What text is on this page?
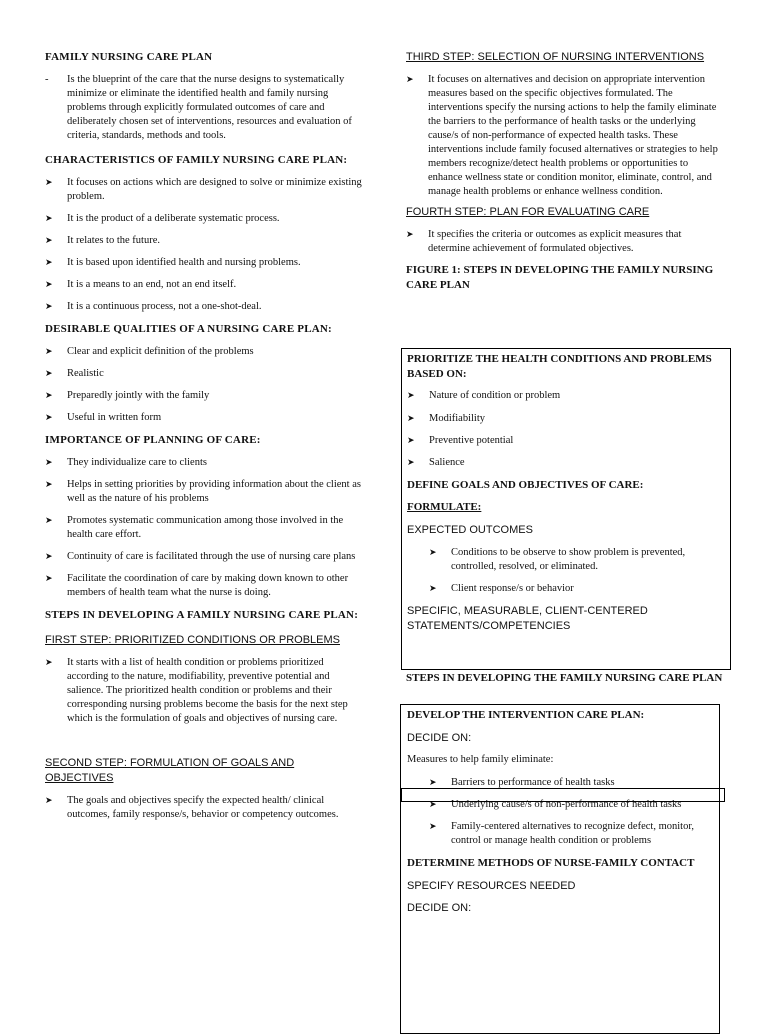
FAMILY NURSING CARE PLAN

- Is the blueprint of the care that the nurse designs to systematically minimize or eliminate the identified health and family nursing problems through explicitly formulated outcomes of care and deliberately chosen set of interventions, resources and evaluation of criteria, standards, methods and tools.

CHARACTERISTICS OF FAMILY NURSING CARE PLAN:

➤ It focuses on actions which are designed to solve or minimize existing problem.
➤ It is the product of a deliberate systematic process.
➤ It relates to the future.
➤ It is based upon identified health and nursing problems.
➤ It is a means to an end, not an end itself.
➤ It is a continuous process, not a one-shot-deal.

DESIRABLE QUALITIES OF A NURSING CARE PLAN:

➤ Clear and explicit definition of the problems
➤ Realistic
➤ Preparedly jointly with the family
➤ Useful in written form

IMPORTANCE OF PLANNING OF CARE:

➤ They individualize care to clients
➤ Helps in setting priorities by providing information about the client as well as the nature of his problems
➤ Promotes systematic communication among those involved in the health care effort.
➤ Continuity of care is facilitated through the use of nursing care plans
➤ Facilitate the coordination of care by making down known to other members of health team what the nurse is doing.

STEPS IN DEVELOPING A FAMILY NURSING CARE PLAN:

FIRST STEP: PRIORITIZED CONDITIONS OR PROBLEMS

➤ It starts with a list of health condition or problems prioritized according to the nature, modifiability, preventive potential and salience. The prioritized health condition or problems and their corresponding nursing problems become the basis for the next step which is the formulation of goals and objectives of nursing care.

SECOND STEP: FORMULATION OF GOALS AND OBJECTIVES

➤ The goals and objectives specify the expected health/ clinical outcomes, family response/s, behavior or competency outcomes.

THIRD STEP: SELECTION OF NURSING INTERVENTIONS

➤ It focuses on alternatives and decision on appropriate intervention measures based on the specific objectives formulated. The interventions specify the nursing actions to help the family eliminate the barriers to the performance of health tasks or the underlying cause/s of non-performance of expected health tasks. These interventions include family focused alternatives or strategies to help members recognize/detect health problems or opportunities to enhance wellness state or condition monitor, eliminate, control, and manage health problems or enhance wellness condition.

FOURTH STEP: PLAN FOR EVALUATING CARE

➤ It specifies the criteria or outcomes as explicit measures that determine achievement of formulated objectives.

FIGURE 1: STEPS IN DEVELOPING THE FAMILY NURSING CARE PLAN

PRIORITIZE THE HEALTH CONDITIONS AND PROBLEMS BASED ON:

➤ Nature of condition or problem
➤ Modifiability
➤ Preventive potential
➤ Salience

DEFINE GOALS AND OBJECTIVES OF CARE:

FORMULATE:

EXPECTED OUTCOMES

➤ Conditions to be observe to show problem is prevented, controlled, resolved, or eliminated.
➤ Client response/s or behavior

SPECIFIC, MEASURABLE, CLIENT-CENTERED STATEMENTS/COMPETENCIES

STEPS IN DEVELOPING THE FAMILY NURSING CARE PLAN

DEVELOP THE INTERVENTION CARE PLAN:

DECIDE ON:

Measures to help family eliminate:

➤ Barriers to performance of health tasks
➤ Underlying cause/s of non-performance of health tasks
➤ Family-centered alternatives to recognize defect, monitor, control or manage health condition or problems

DETERMINE METHODS OF NURSE-FAMILY CONTACT

SPECIFY RESOURCES NEEDED

DECIDE ON:
